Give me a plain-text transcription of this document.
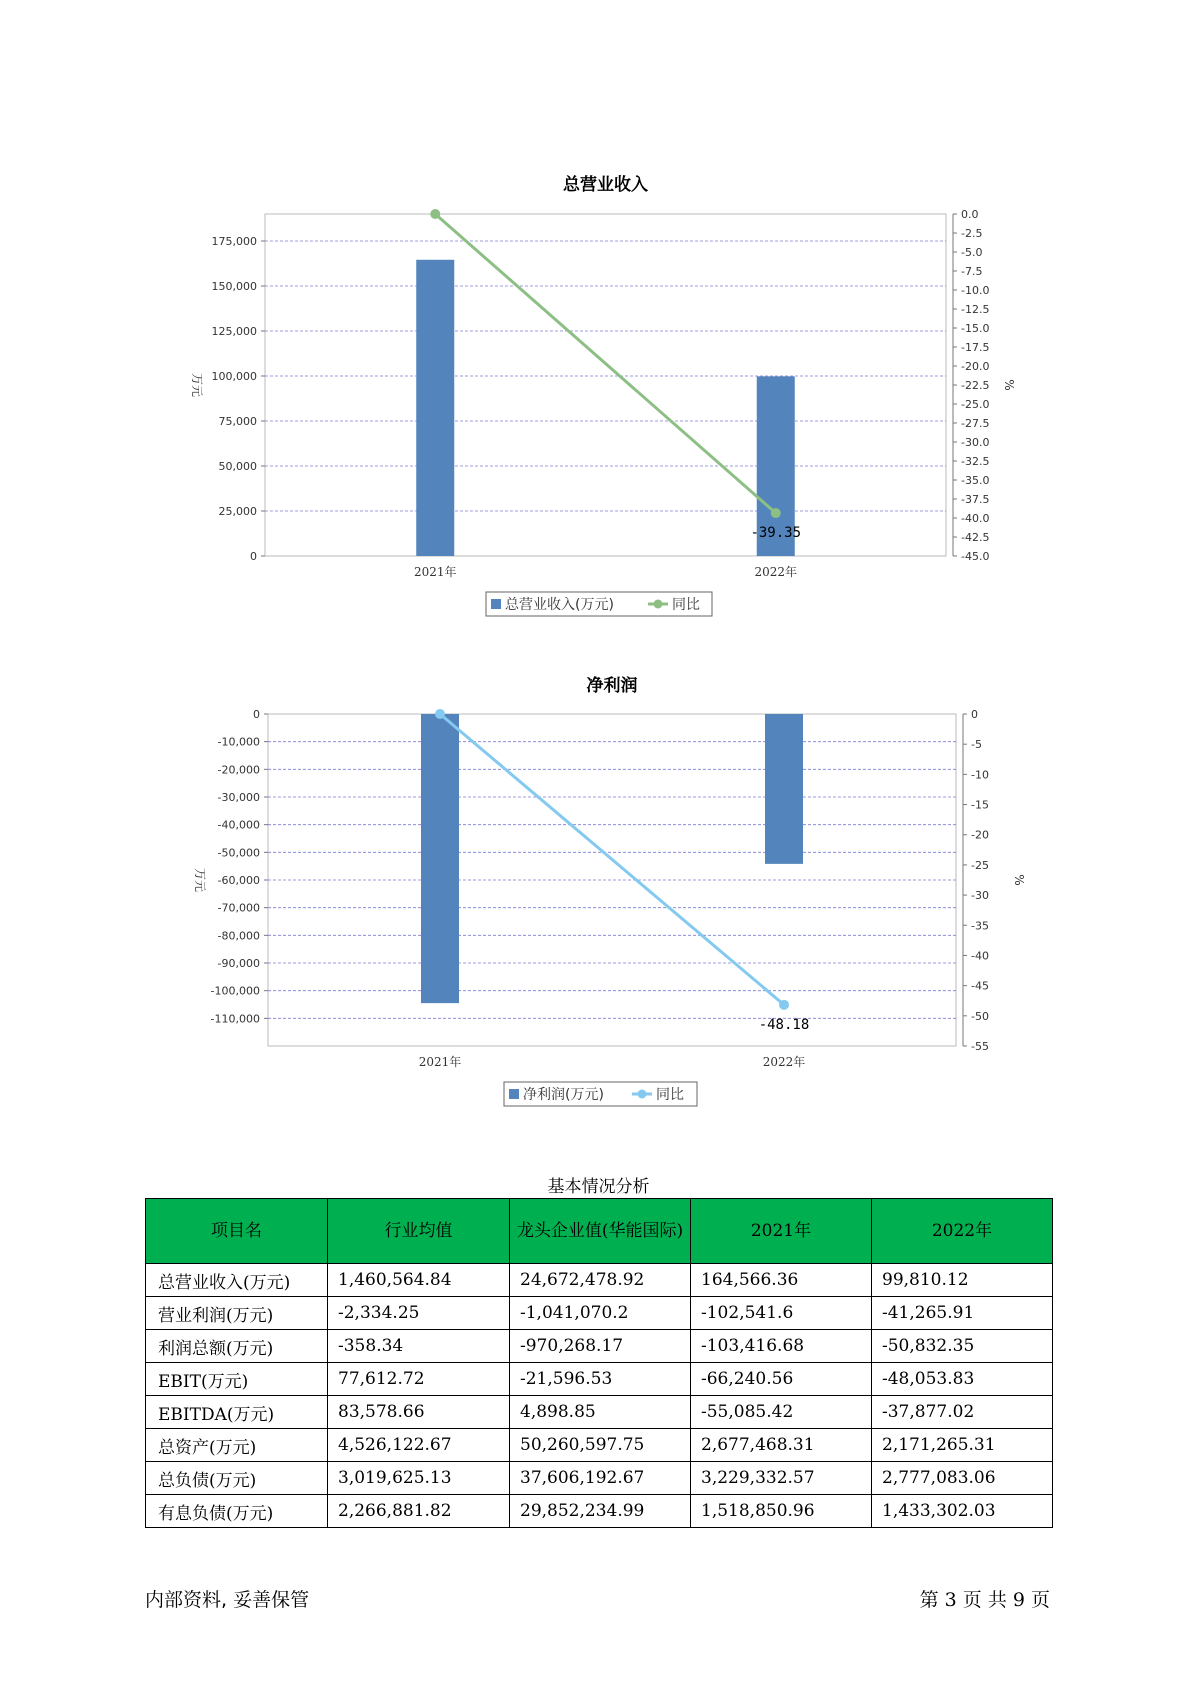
总营业收入
0
25,000
50,000
75,000
100,000
125,000
150,000
175,000
0.0
-2.5
-5.0
-7.5
-10.0
-12.5
-15.0
-17.5
-20.0
-22.5
-25.0
-27.5
-30.0
-32.5
-35.0
-37.5
-40.0
-42.5
-45.0
万元	%
2021年	2022年
-39.35
总营业收入(万元)	同比
净利润
0
-10,000
-20,000
-30,000
-40,000
-50,000
-60,000
-70,000
-80,000
-90,000
-100,000
-110,000
0
-5
-10
-15
-20
-25
-30
-35
-40
-45
-50
-55
万元	%
2021年	2022年
-48.18
净利润(万元)	同比
基本情况分析
项目名	行业均值	龙头企业值(华能国际)	2021年	2022年
总营业收入(万元)	1,460,564.84	24,672,478.92	164,566.36	99,810.12
营业利润(万元)	-2,334.25	-1,041,070.2	-102,541.6	-41,265.91
利润总额(万元)	-358.34	-970,268.17	-103,416.68	-50,832.35
EBIT(万元)	77,612.72	-21,596.53	-66,240.56	-48,053.83
EBITDA(万元)	83,578.66	4,898.85	-55,085.42	-37,877.02
总资产(万元)	4,526,122.67	50,260,597.75	2,677,468.31	2,171,265.31
总负债(万元)	3,019,625.13	37,606,192.67	3,229,332.57	2,777,083.06
有息负债(万元)	2,266,881.82	29,852,234.99	1,518,850.96	1,433,302.03
内部资料, 妥善保管	第 3 页 共 9 页
